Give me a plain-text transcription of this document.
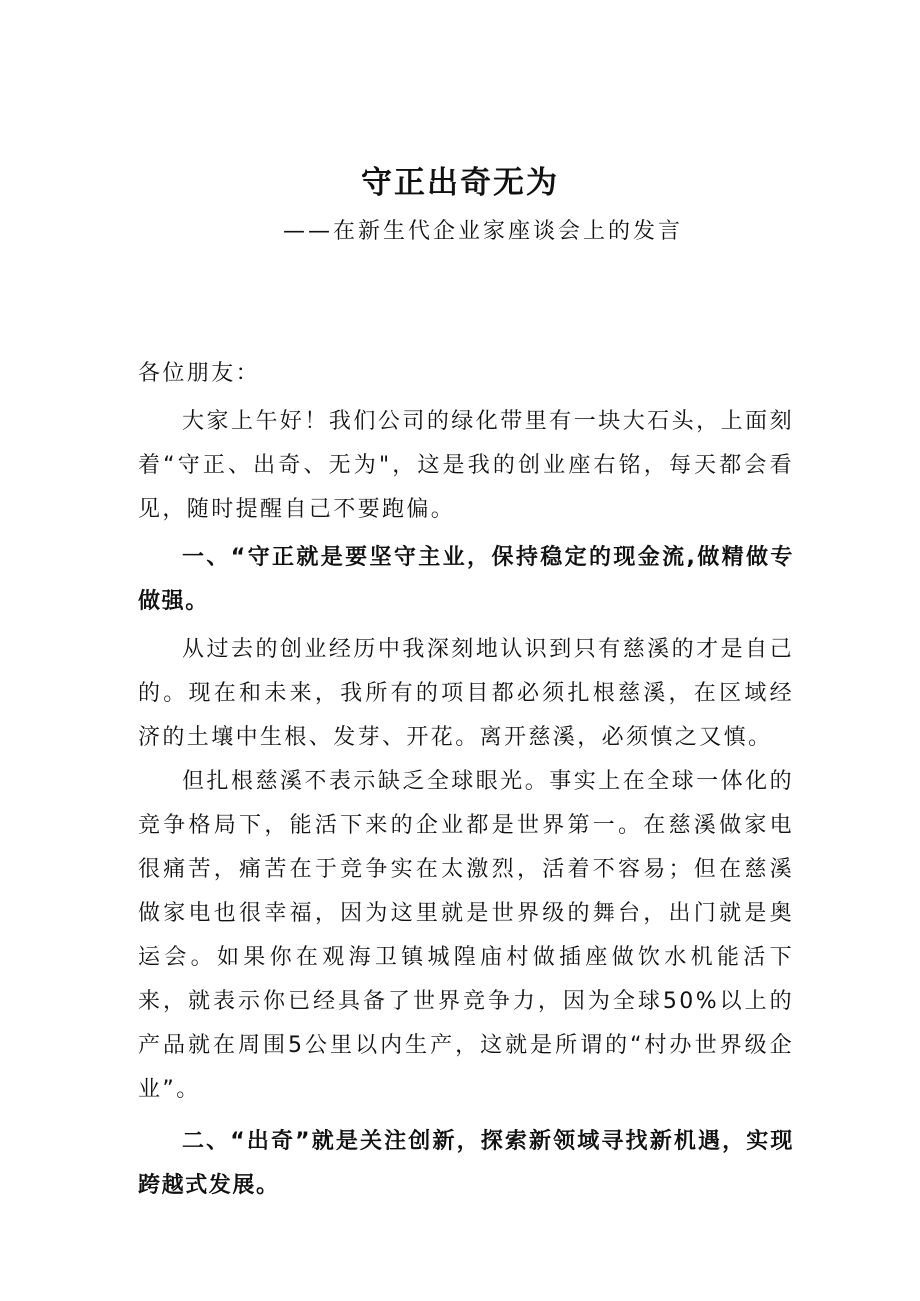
守正出奇无为

——在新生代企业家座谈会上的发言

各位朋友：

大家上午好！我们公司的绿化带里有一块大石头，上面刻着“守正、出奇、无为"，这是我的创业座右铭，每天都会看见，随时提醒自己不要跑偏。

一、“守正就是要坚守主业，保持稳定的现金流,做精做专做强。

从过去的创业经历中我深刻地认识到只有慈溪的才是自己的。现在和未来，我所有的项目都必须扎根慈溪，在区域经济的土壤中生根、发芽、开花。离开慈溪，必须慎之又慎。

但扎根慈溪不表示缺乏全球眼光。事实上在全球一体化的竞争格局下，能活下来的企业都是世界第一。在慈溪做家电很痛苦，痛苦在于竞争实在太激烈，活着不容易；但在慈溪做家电也很幸福，因为这里就是世界级的舞台，出门就是奥运会。如果你在观海卫镇城隍庙村做插座做饮水机能活下来，就表示你已经具备了世界竞争力，因为全球50%以上的产品就在周围5公里以内生产，这就是所谓的“村办世界级企业”。

二、“出奇”就是关注创新，探索新领域寻找新机遇，实现跨越式发展。
